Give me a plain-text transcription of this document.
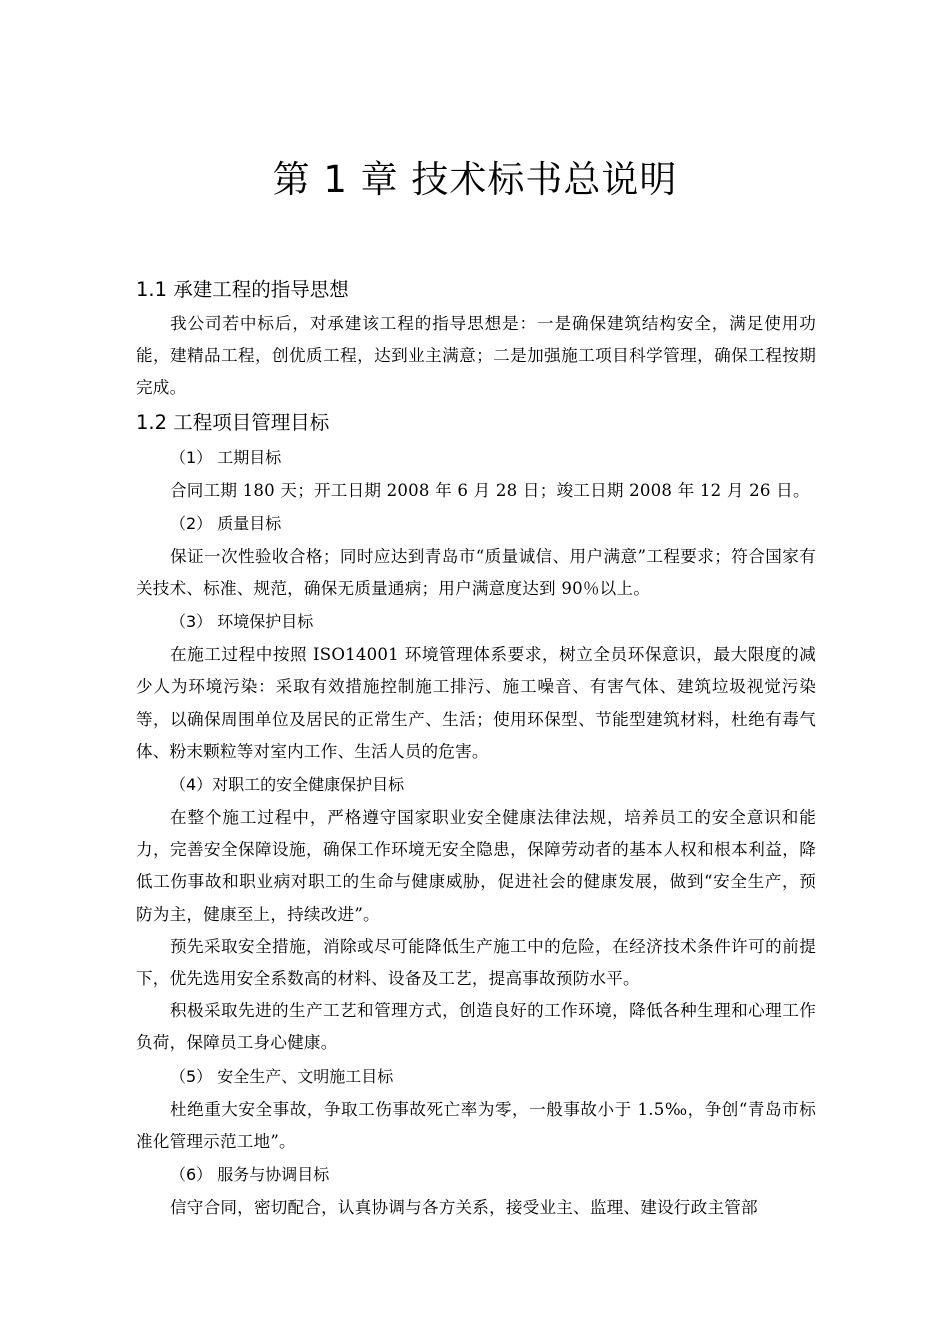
第 1 章 技术标书总说明
1.1 承建工程的指导思想

我公司若中标后，对承建该工程的指导思想是：一是确保建筑结构安全，满足使用功能，建精品工程，创优质工程，达到业主满意；二是加强施工项目科学管理，确保工程按期完成。

1.2 工程项目管理目标
（1） 工期目标

合同工期 180 天；开工日期 2008 年 6 月 28 日；竣工日期 2008 年 12 月 26 日。

（2） 质量目标

保证一次性验收合格；同时应达到青岛市“质量诚信、用户满意”工程要求；符合国家有关技术、标准、规范，确保无质量通病；用户满意度达到 90％以上。

（3） 环境保护目标

在施工过程中按照 ISO14001 环境管理体系要求，树立全员环保意识，最大限度的减少人为环境污染：采取有效措施控制施工排污、施工噪音、有害气体、建筑垃圾视觉污染等，以确保周围单位及居民的正常生产、生活；使用环保型、节能型建筑材料，杜绝有毒气体、粉末颗粒等对室内工作、生活人员的危害。

（4）对职工的安全健康保护目标

在整个施工过程中，严格遵守国家职业安全健康法律法规，培养员工的安全意识和能力，完善安全保障设施，确保工作环境无安全隐患，保障劳动者的基本人权和根本利益，降低工伤事故和职业病对职工的生命与健康威胁，促进社会的健康发展，做到“安全生产，预防为主，健康至上，持续改进”。

预先采取安全措施，消除或尽可能降低生产施工中的危险，在经济技术条件许可的前提下，优先选用安全系数高的材料、设备及工艺，提高事故预防水平。

积极采取先进的生产工艺和管理方式，创造良好的工作环境，降低各种生理和心理工作负荷，保障员工身心健康。

（5） 安全生产、文明施工目标

杜绝重大安全事故，争取工伤事故死亡率为零，一般事故小于 1.5‰，争创“青岛市标准化管理示范工地”。

（6） 服务与协调目标

信守合同，密切配合，认真协调与各方关系，接受业主、监理、建设行政主管部
